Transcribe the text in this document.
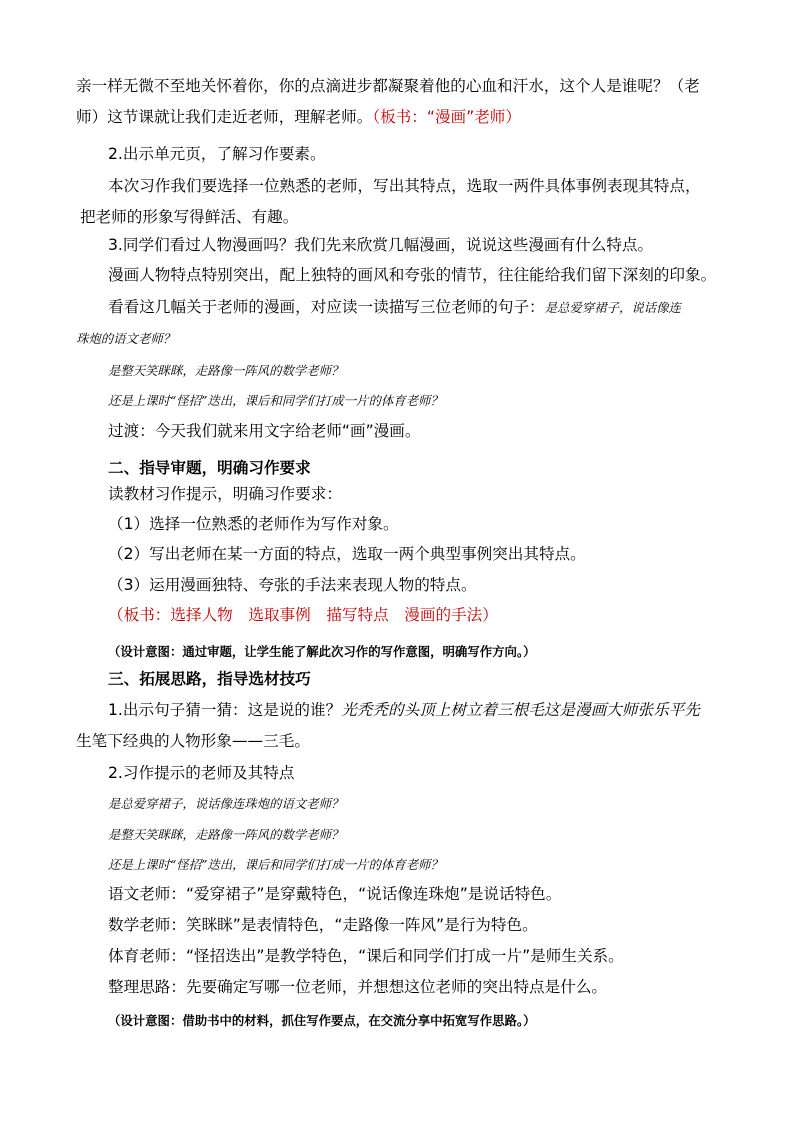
亲一样无微不至地关怀着你，你的点滴进步都凝聚着他的心血和汗水，这个人是谁呢？（老
师）这节课就让我们走近老师，理解老师。（板书：“漫画”老师）
2.出示单元页，了解习作要素。
本次习作我们要选择一位熟悉的老师，写出其特点，选取一两件具体事例表现其特点，
把老师的形象写得鲜活、有趣。
3.同学们看过人物漫画吗？我们先来欣赏几幅漫画，说说这些漫画有什么特点。
漫画人物特点特别突出，配上独特的画风和夸张的情节，往往能给我们留下深刻的印象。
看看这几幅关于老师的漫画，对应读一读描写三位老师的句子：是总爱穿裙子，说话像连
珠炮的语文老师？
是整天笑眯眯，走路像一阵风的数学老师？
还是上课时“怪招”迭出，课后和同学们打成一片的体育老师？
过渡：今天我们就来用文字给老师“画”漫画。
二、指导审题，明确习作要求
读教材习作提示，明确习作要求：
（1）选择一位熟悉的老师作为写作对象。
（2）写出老师在某一方面的特点，选取一两个典型事例突出其特点。
（3）运用漫画独特、夸张的手法来表现人物的特点。
（板书：选择人物　选取事例　描写特点　漫画的手法）
（设计意图：通过审题，让学生能了解此次习作的写作意图，明确写作方向。）
三、拓展思路，指导选材技巧
1.出示句子猜一猜：这是说的谁？光秃秃的头顶上树立着三根毛这是漫画大师张乐平先
生笔下经典的人物形象——三毛。
2.习作提示的老师及其特点
是总爱穿裙子，说话像连珠炮的语文老师？
是整天笑眯眯，走路像一阵风的数学老师？
还是上课时“怪招”迭出，课后和同学们打成一片的体育老师？
语文老师：“爱穿裙子”是穿戴特色，“说话像连珠炮”是说话特色。
数学老师：笑眯眯”是表情特色，“走路像一阵风”是行为特色。
体育老师：“怪招迭出”是教学特色，“课后和同学们打成一片”是师生关系。
整理思路：先要确定写哪一位老师，并想想这位老师的突出特点是什么。
（设计意图：借助书中的材料，抓住写作要点，在交流分享中拓宽写作思路。）
